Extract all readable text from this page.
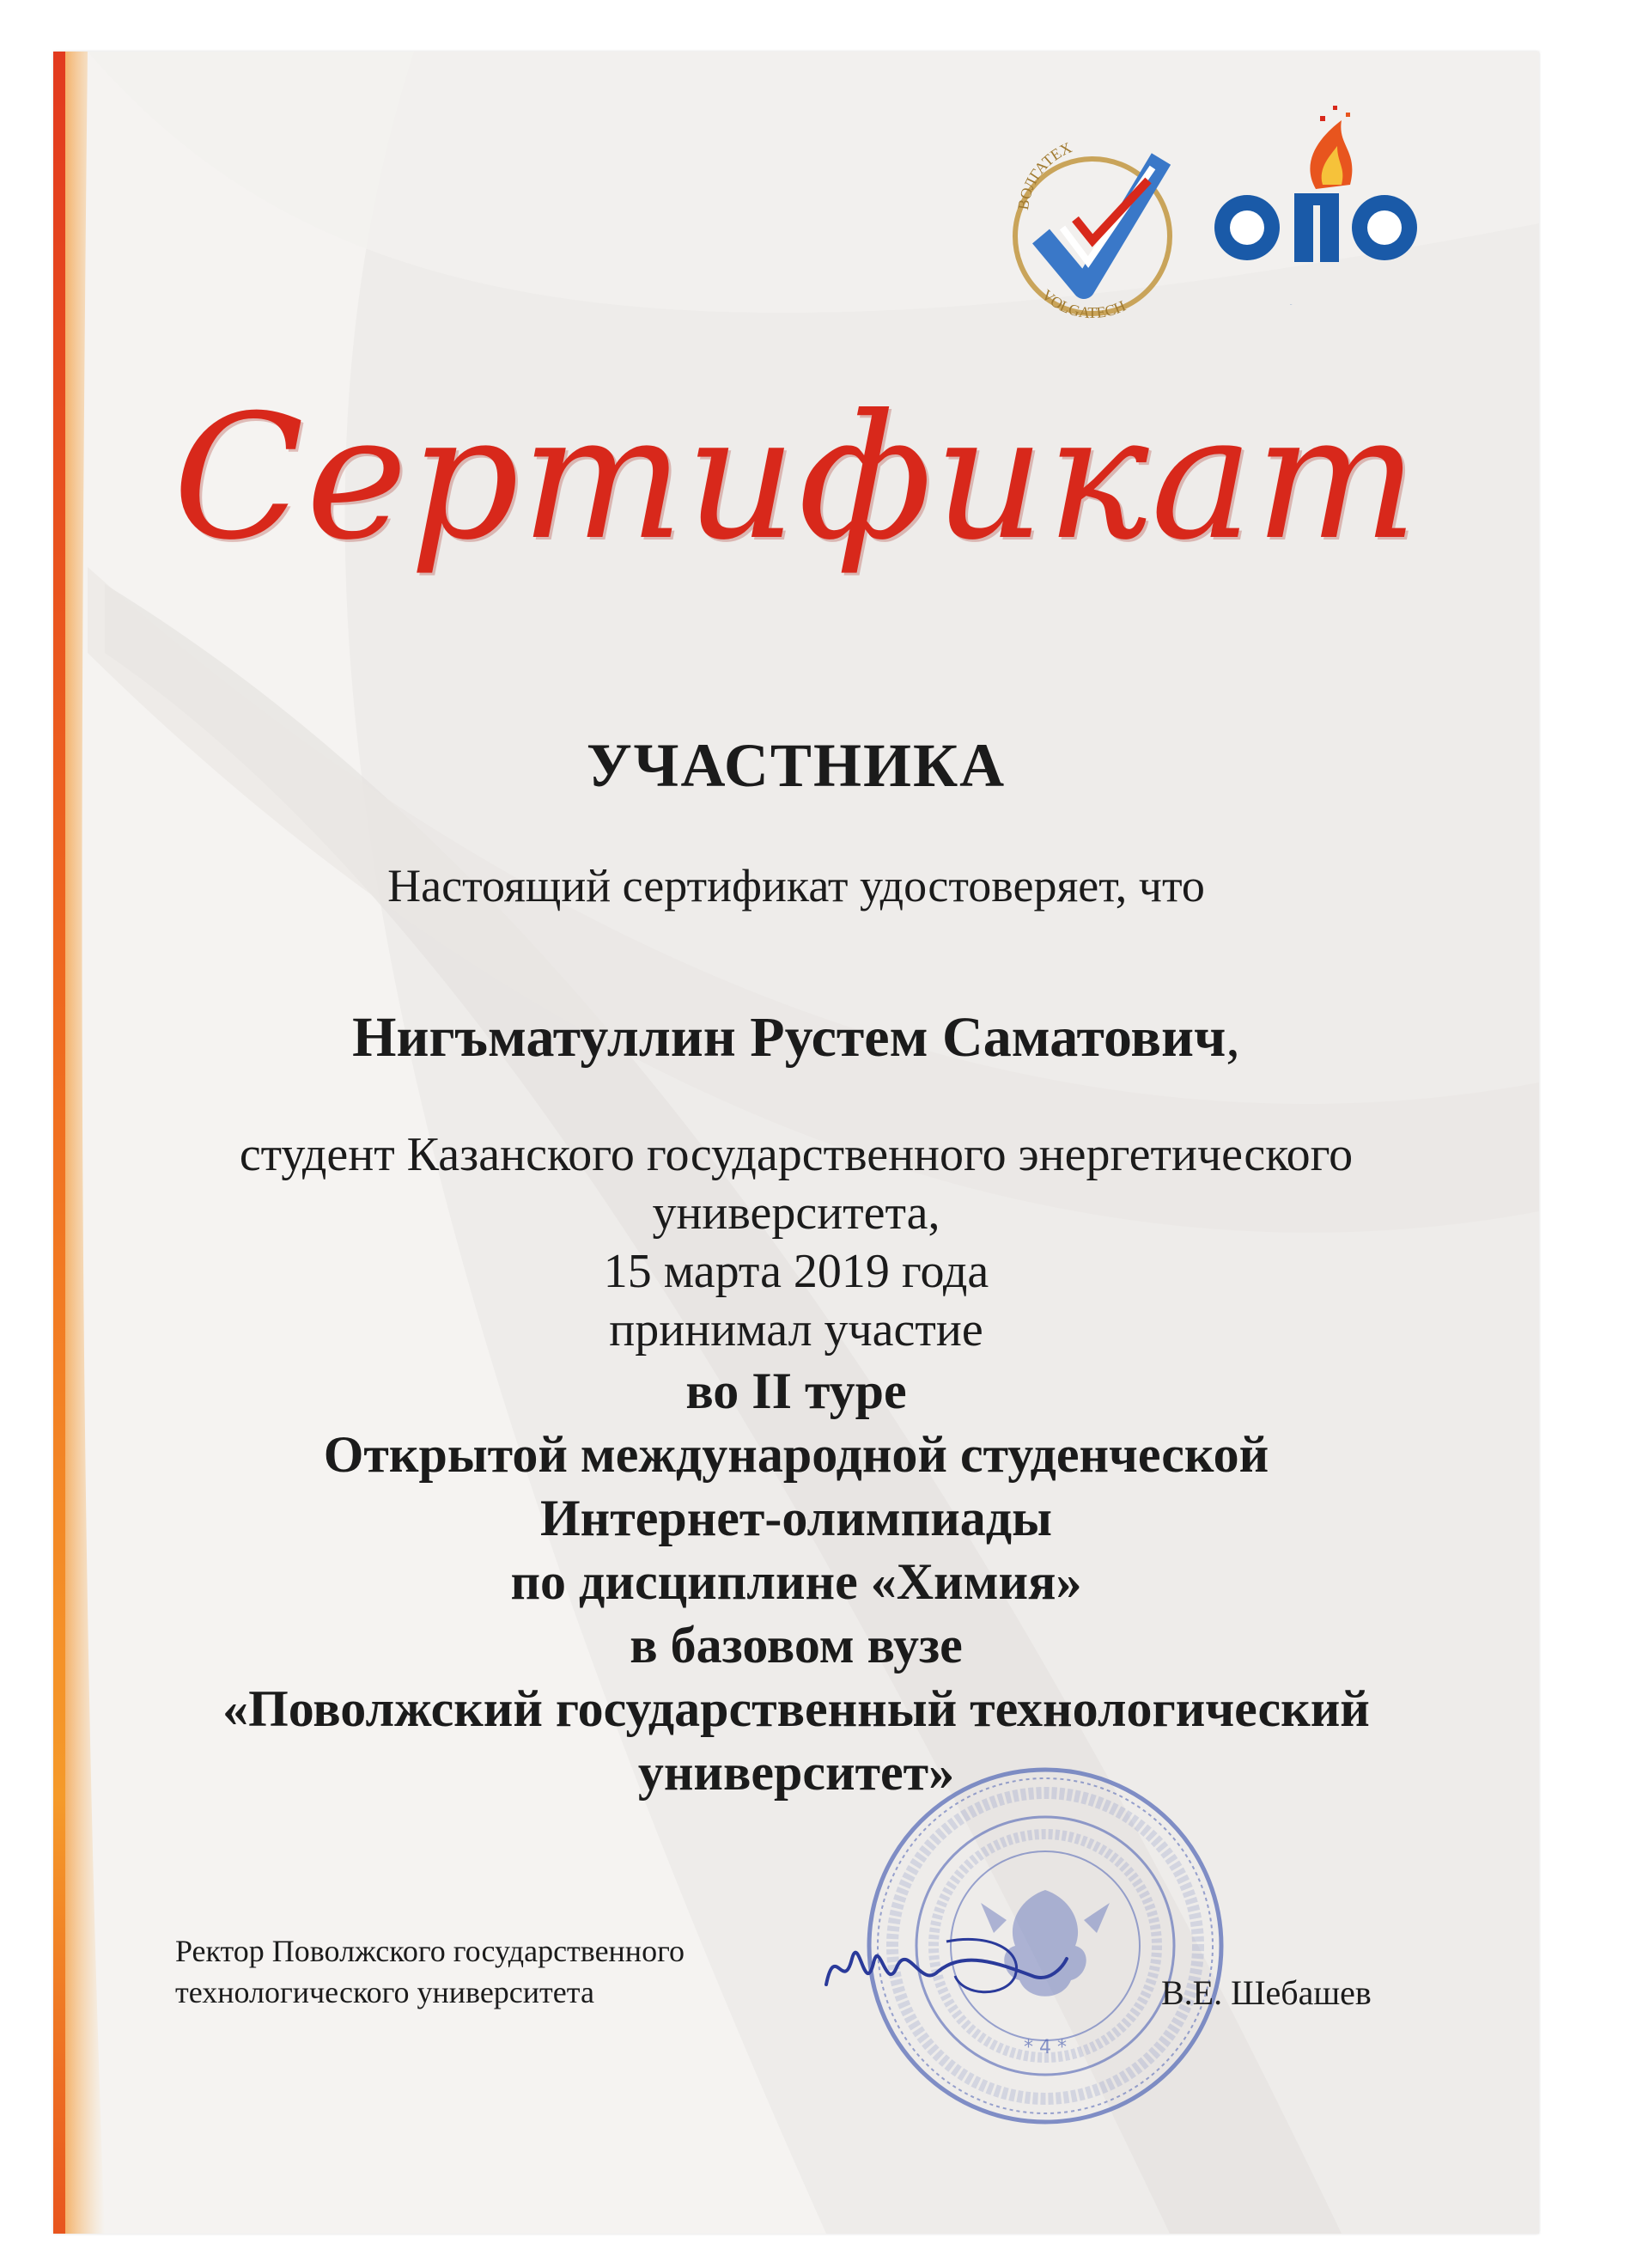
ВОЛГАТЕХ
VOLGATECH	ОИО
Сертификат
УЧАСТНИКА
Настоящий сертификат удостоверяет, что
Нигъматуллин Рустем Саматович,
студент Казанского государственного энергетического
университета,
15 марта 2019 года
принимал участие
во II туре
Открытой международной студенческой
Интернет-олимпиады
по дисциплине «Химия»
в базовом вузе
«Поволжский государственный технологический
университет»
* 4 *
Ректор Поволжского государственного
технологического университета	В.Е. Шебашев
